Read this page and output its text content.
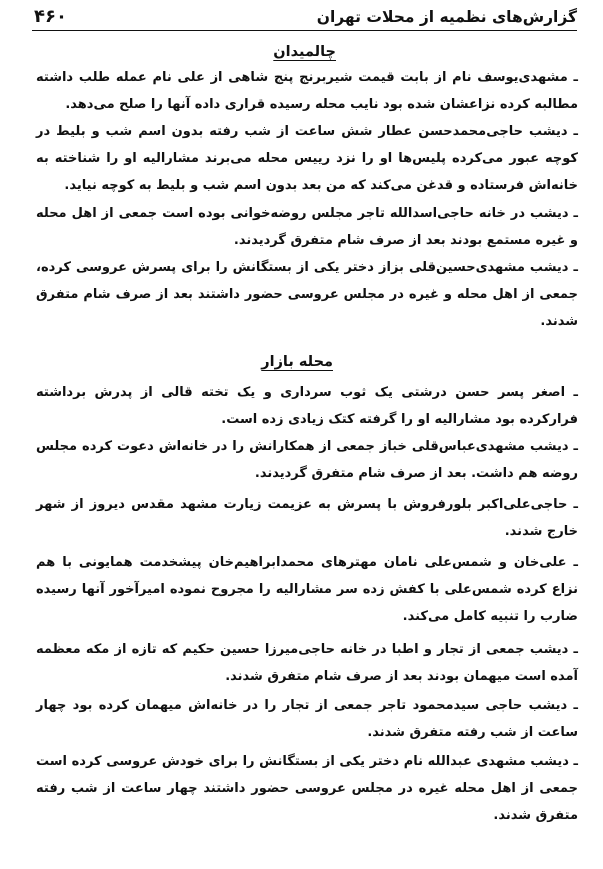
گزارش‌های نظمیه از محلات تهران
۴۶۰
چالمیدان
ـ مشهدی‌یوسف نام از بابت قیمت شیربرنج پنج شاهی از علی نام عمله طلب داشته مطالبه کرده نزاعشان شده بود نایب محله رسیده قراری داده آنها را صلح می‌دهد.
ـ دیشب حاجی‌محمدحسن عطار شش ساعت از شب رفته بدون اسم شب و بلیط در کوچه عبور می‌کرده پلیس‌ها او را نزد رییس محله می‌برند مشارالیه او را شناخته به خانه‌اش فرستاده و قدغن می‌کند که من بعد بدون اسم شب و بلیط به کوچه نیاید.
ـ دیشب در خانه حاجی‌اسدالله تاجر مجلس روضه‌خوانی بوده است جمعی از اهل محله و غیره مستمع بودند بعد از صرف شام متفرق گردیدند.
ـ دیشب مشهدی‌حسین‌قلی بزاز دختر یکی از بستگانش را برای پسرش عروسی کرده، جمعی از اهل محله و غیره در مجلس عروسی حضور داشتند بعد از صرف شام متفرق شدند.
محله بازار
ـ اصغر پسر حسن درشتی یک ثوب سرداری و یک تخته قالی از پدرش برداشته فرارکرده بود مشارالیه او را گرفته کتک زیادی زده است.
ـ دیشب مشهدی‌عباس‌قلی خباز جمعی از همکارانش را در خانه‌اش دعوت کرده مجلس روضه هم داشت. بعد از صرف شام متفرق گردیدند.
ـ حاجی‌علی‌اکبر بلورفروش با پسرش به عزیمت زیارت مشهد مقدس دیروز از شهر خارج شدند.
ـ علی‌خان و شمس‌علی نامان مهترهای محمدابراهیم‌خان پیشخدمت همایونی با هم نزاع کرده شمس‌علی با کفش زده سر مشارالیه را مجروح نموده امیرآخور آنها رسیده ضارب را تنبیه کامل می‌کند.
ـ دیشب جمعی از تجار و اطبا در خانه حاجی‌میرزا حسین حکیم که تازه از مکه معظمه آمده است میهمان بودند بعد از صرف شام متفرق شدند.
ـ دیشب حاجی سیدمحمود تاجر جمعی از تجار را در خانه‌اش میهمان کرده بود چهار ساعت از شب رفته متفرق شدند.
ـ دیشب مشهدی عبدالله نام دختر یکی از بستگانش را برای خودش عروسی کرده است جمعی از اهل محله غیره در مجلس عروسی حضور داشتند چهار ساعت از شب رفته متفرق شدند.
